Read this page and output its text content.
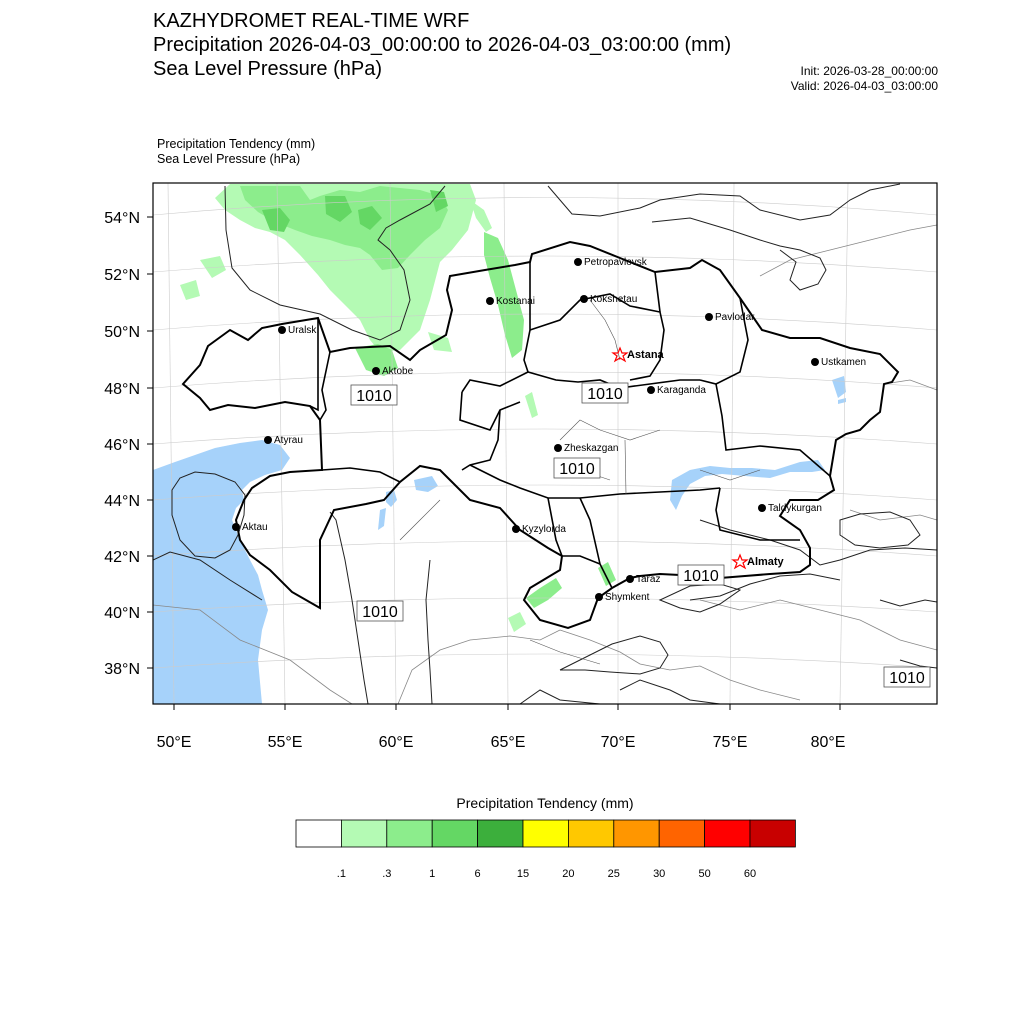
KAZHYDROMET REAL-TIME WRF
Precipitation 2026-04-03_00:00:00 to 2026-04-03_03:00:00 (mm)
Sea Level Pressure (hPa)	Init: 2026-03-28_00:00:00
Valid: 2026-04-03_03:00:00
Precipitation Tendency (mm)
Sea Level Pressure (hPa)
54°N
52°N
50°N
48°N
46°N
44°N
42°N
40°N
38°N
50°E	55°E	60°E	65°E	70°E	75°E	80°E
1010	1010
1010
1010
1010
1010
Petropavlovsk
Kostanai	Kokshetau
Pavlodar
Uralsk
Astana
Aktobe
Ustkamen
Karaganda
Atyrau
Zheskazgan
Taldykurgan
Aktau	Kyzylorda
Almaty
Taraz
Shymkent
.1	.3	1	6	15	20	25	30	50	60
Precipitation Tendency (mm)
